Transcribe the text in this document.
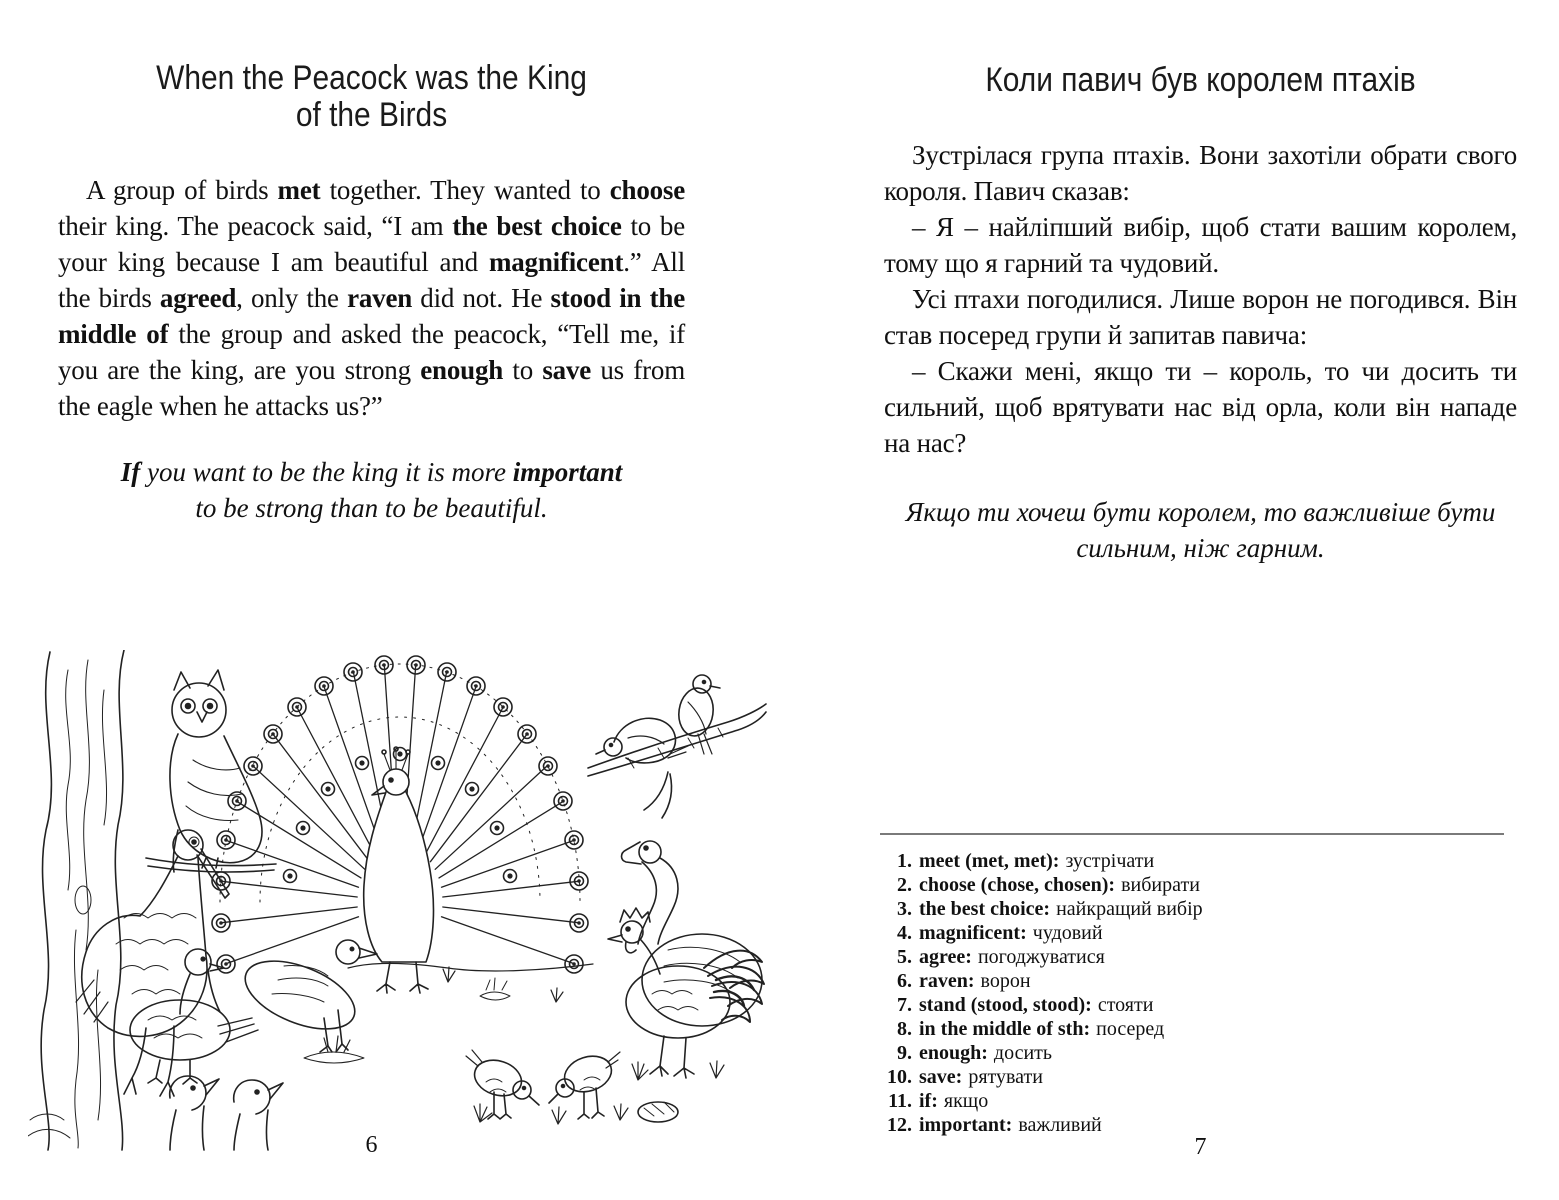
When the Peacock was the King
of the Birds

A group of birds met together. They wanted to choose their king. The peacock said, “I am the best choice to be your king because I am beautiful and magnificent.” All the birds agreed, only the raven did not. He stood in the middle of the group and asked the peacock, “Tell me, if you are the king, are you strong enough to save us from the eagle when he attacks us?”

If you want to be the king it is more important
to be strong than to be beautiful.
6
Коли павич був королем птахів

Зустрілася група птахів. Вони захотіли обрати свого короля. Павич сказав:

– Я – найліпший вибір, щоб стати вашим королем, тому що я гарний та чудовий.

Усі птахи погодилися. Лише ворон не погодився. Він став посеред групи й запитав павича:

– Скажи мені, якщо ти – король, то чи досить ти сильний, щоб врятувати нас від орла, коли він нападе на нас?

Якщо ти хочеш бути королем, то важливіше бути
сильним, ніж гарним.
1. meet (met, met): зустрічати
2. choose (chose, chosen): вибирати
3. the best choice: найкращий вибір
4. magnificent: чудовий
5. agree: погоджуватися
6. raven: ворон
7. stand (stood, stood): стояти
8. in the middle of sth: посеред
9. enough: досить
10. save: рятувати
11. if: якщо
12. important: важливий
7
